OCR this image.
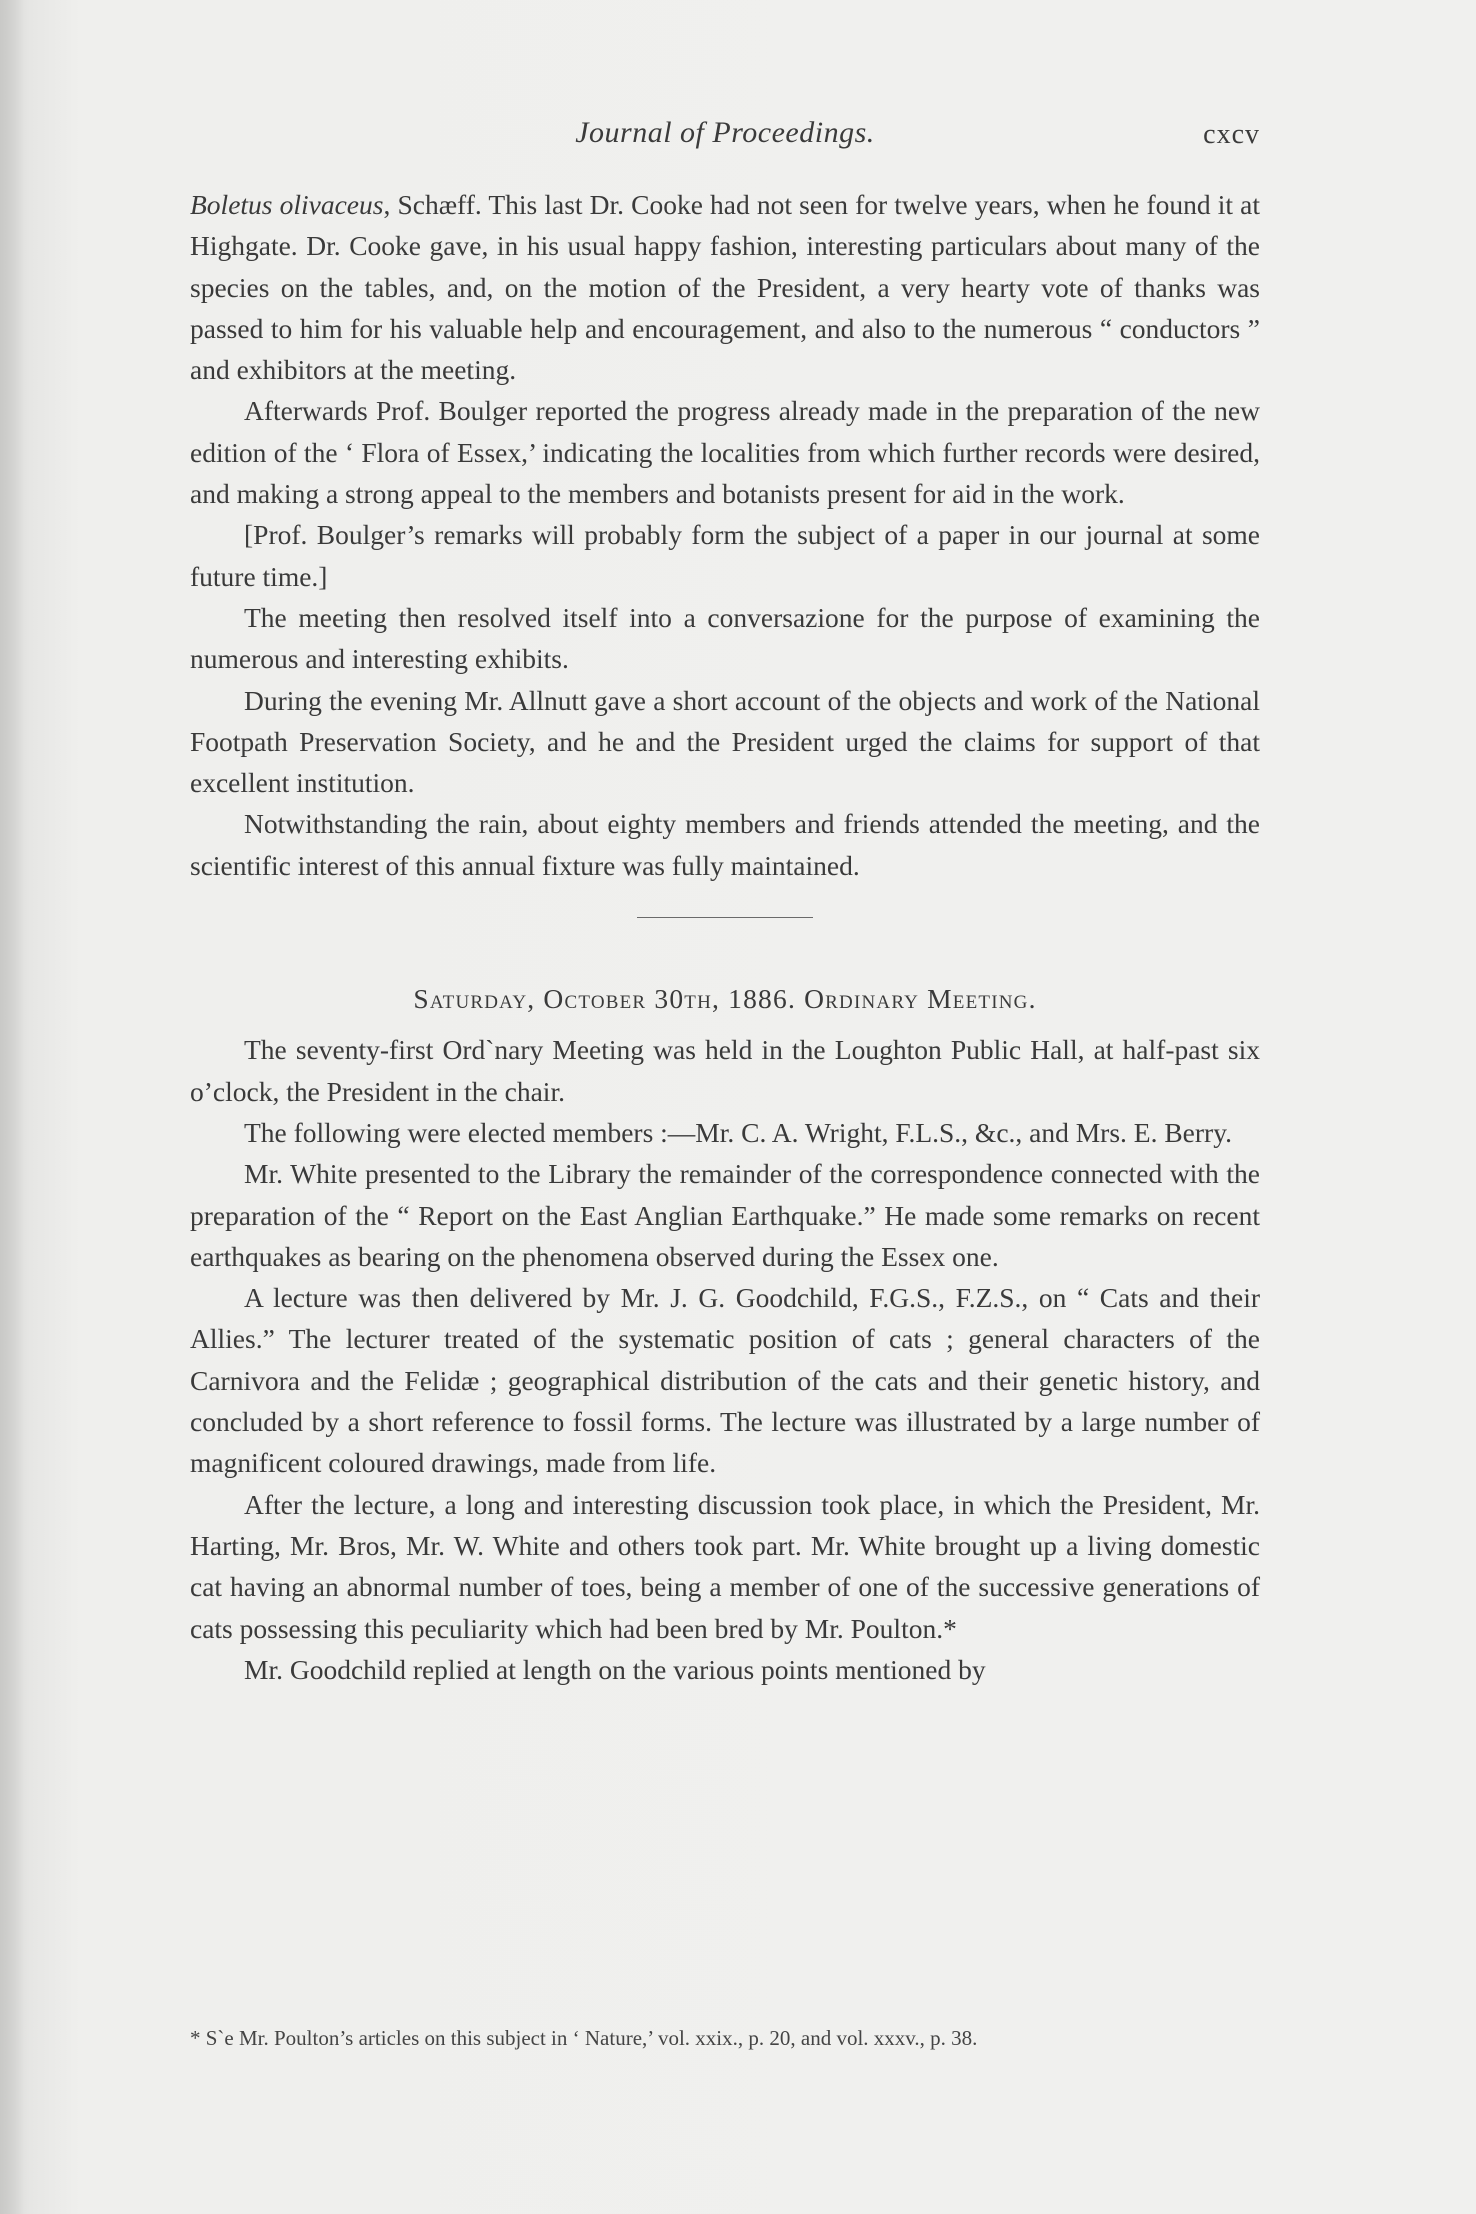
Journal of Proceedings.	cxcv

Boletus olivaceus, Schæff. This last Dr. Cooke had not seen for twelve years, when he found it at Highgate. Dr. Cooke gave, in his usual happy fashion, interesting particulars about many of the species on the tables, and, on the motion of the President, a very hearty vote of thanks was passed to him for his valuable help and encouragement, and also to the numerous “ conductors ” and exhibitors at the meeting.

Afterwards Prof. Boulger reported the progress already made in the preparation of the new edition of the ‘ Flora of Essex,’ indicating the localities from which further records were desired, and making a strong appeal to the members and botanists present for aid in the work.

[Prof. Boulger’s remarks will probably form the subject of a paper in our journal at some future time.]

The meeting then resolved itself into a conversazione for the purpose of examining the numerous and interesting exhibits.

During the evening Mr. Allnutt gave a short account of the objects and work of the National Footpath Preservation Society, and he and the President urged the claims for support of that excellent institution.

Notwithstanding the rain, about eighty members and friends attended the meeting, and the scientific interest of this annual fixture was fully maintained.

Saturday, October 30th, 1886. Ordinary Meeting.

The seventy-first Ord`nary Meeting was held in the Loughton Public Hall, at half-past six o’clock, the President in the chair.

The following were elected members :—Mr. C. A. Wright, F.L.S., &c., and Mrs. E. Berry.

Mr. White presented to the Library the remainder of the correspondence connected with the preparation of the “ Report on the East Anglian Earthquake.” He made some remarks on recent earthquakes as bearing on the phenomena observed during the Essex one.

A lecture was then delivered by Mr. J. G. Goodchild, F.G.S., F.Z.S., on “ Cats and their Allies.” The lecturer treated of the systematic position of cats ; general characters of the Carnivora and the Felidæ ; geographical distribution of the cats and their genetic history, and concluded by a short reference to fossil forms. The lecture was illustrated by a large number of magnificent coloured drawings, made from life.

After the lecture, a long and interesting discussion took place, in which the President, Mr. Harting, Mr. Bros, Mr. W. White and others took part. Mr. White brought up a living domestic cat having an abnormal number of toes, being a member of one of the successive generations of cats possessing this peculiarity which had been bred by Mr. Poulton.*

Mr. Goodchild replied at length on the various points mentioned by

* S`e Mr. Poulton’s articles on this subject in ‘ Nature,’ vol. xxix., p. 20, and vol. xxxv., p. 38.
